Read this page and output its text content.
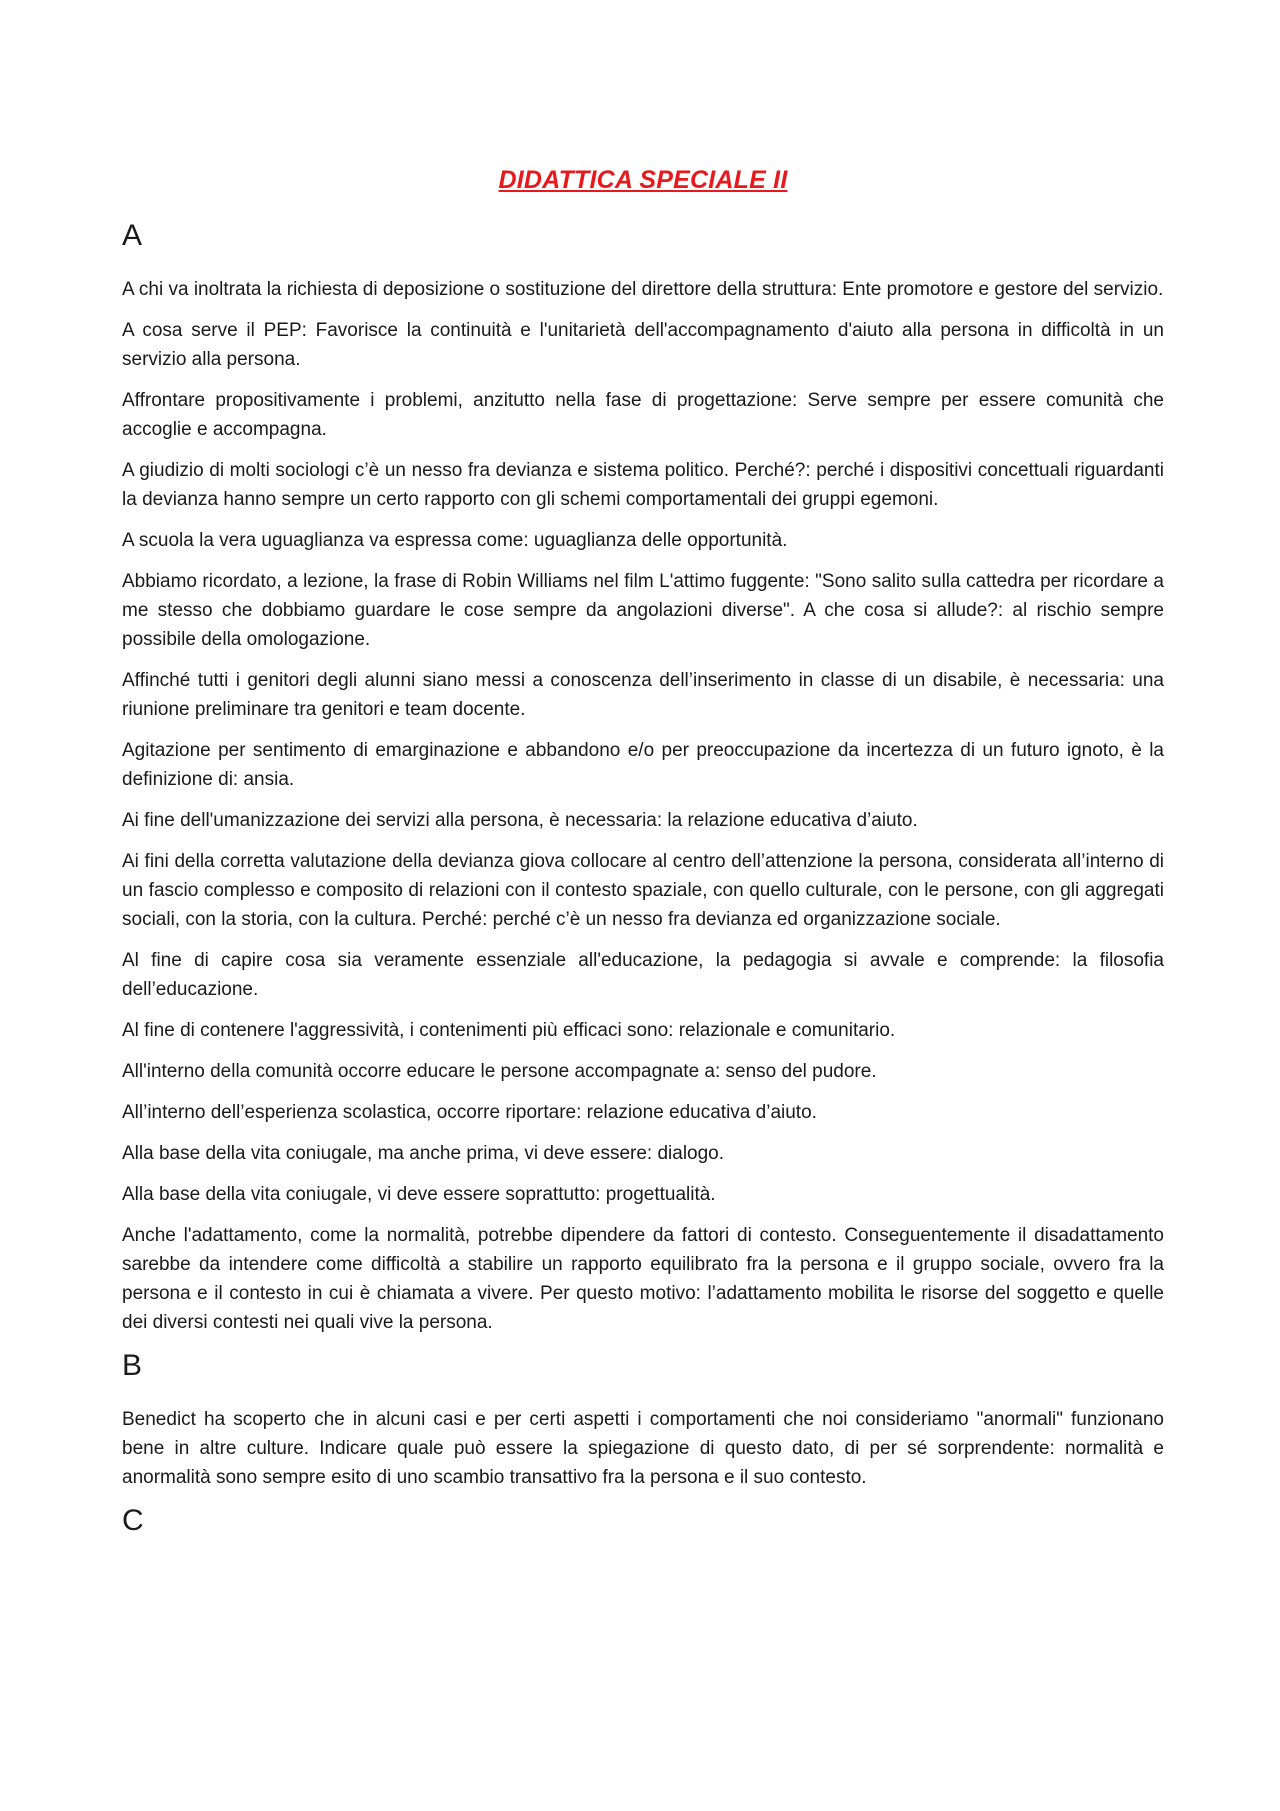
DIDATTICA SPECIALE II
A

A chi va inoltrata la richiesta di deposizione o sostituzione del direttore della struttura: Ente promotore e gestore del servizio.

A cosa serve il PEP: Favorisce la continuità e l'unitarietà dell'accompagnamento d'aiuto alla persona in difficoltà in un servizio alla persona.

Affrontare propositivamente i problemi, anzitutto nella fase di progettazione: Serve sempre per essere comunità che accoglie e accompagna.

A giudizio di molti sociologi c’è un nesso fra devianza e sistema politico. Perché?: perché i dispositivi concettuali riguardanti la devianza hanno sempre un certo rapporto con gli schemi comportamentali dei gruppi egemoni.

A scuola la vera uguaglianza va espressa come: uguaglianza delle opportunità.

Abbiamo ricordato, a lezione, la frase di Robin Williams nel film L'attimo fuggente: "Sono salito sulla cattedra per ricordare a me stesso che dobbiamo guardare le cose sempre da angolazioni diverse". A che cosa si allude?: al rischio sempre possibile della omologazione.

Affinché tutti i genitori degli alunni siano messi a conoscenza dell’inserimento in classe di un disabile, è necessaria: una riunione preliminare tra genitori e team docente.

Agitazione per sentimento di emarginazione e abbandono e/o per preoccupazione da incertezza di un futuro ignoto, è la definizione di: ansia.

Ai fine dell'umanizzazione dei servizi alla persona, è necessaria: la relazione educativa d’aiuto.

Ai fini della corretta valutazione della devianza giova collocare al centro dell’attenzione la persona, considerata all’interno di un fascio complesso e composito di relazioni con il contesto spaziale, con quello culturale, con le persone, con gli aggregati sociali, con la storia, con la cultura. Perché: perché c’è un nesso fra devianza ed organizzazione sociale.

Al fine di capire cosa sia veramente essenziale all'educazione, la pedagogia si avvale e comprende: la filosofia dell’educazione.

Al fine di contenere l'aggressività, i contenimenti più efficaci sono: relazionale e comunitario.

All'interno della comunità occorre educare le persone accompagnate a: senso del pudore.

All’interno dell’esperienza scolastica, occorre riportare: relazione educativa d’aiuto.

Alla base della vita coniugale, ma anche prima, vi deve essere: dialogo.

Alla base della vita coniugale, vi deve essere soprattutto: progettualità.

Anche l'adattamento, come la normalità, potrebbe dipendere da fattori di contesto. Conseguentemente il disadattamento sarebbe da intendere come difficoltà a stabilire un rapporto equilibrato fra la persona e il gruppo sociale, ovvero fra la persona e il contesto in cui è chiamata a vivere. Per questo motivo: l’adattamento mobilita le risorse del soggetto e quelle dei diversi contesti nei quali vive la persona.

B

Benedict ha scoperto che in alcuni casi e per certi aspetti i comportamenti che noi consideriamo "anormali" funzionano bene in altre culture. Indicare quale può essere la spiegazione di questo dato, di per sé sorprendente: normalità e anormalità sono sempre esito di uno scambio transattivo fra la persona e il suo contesto.

C
